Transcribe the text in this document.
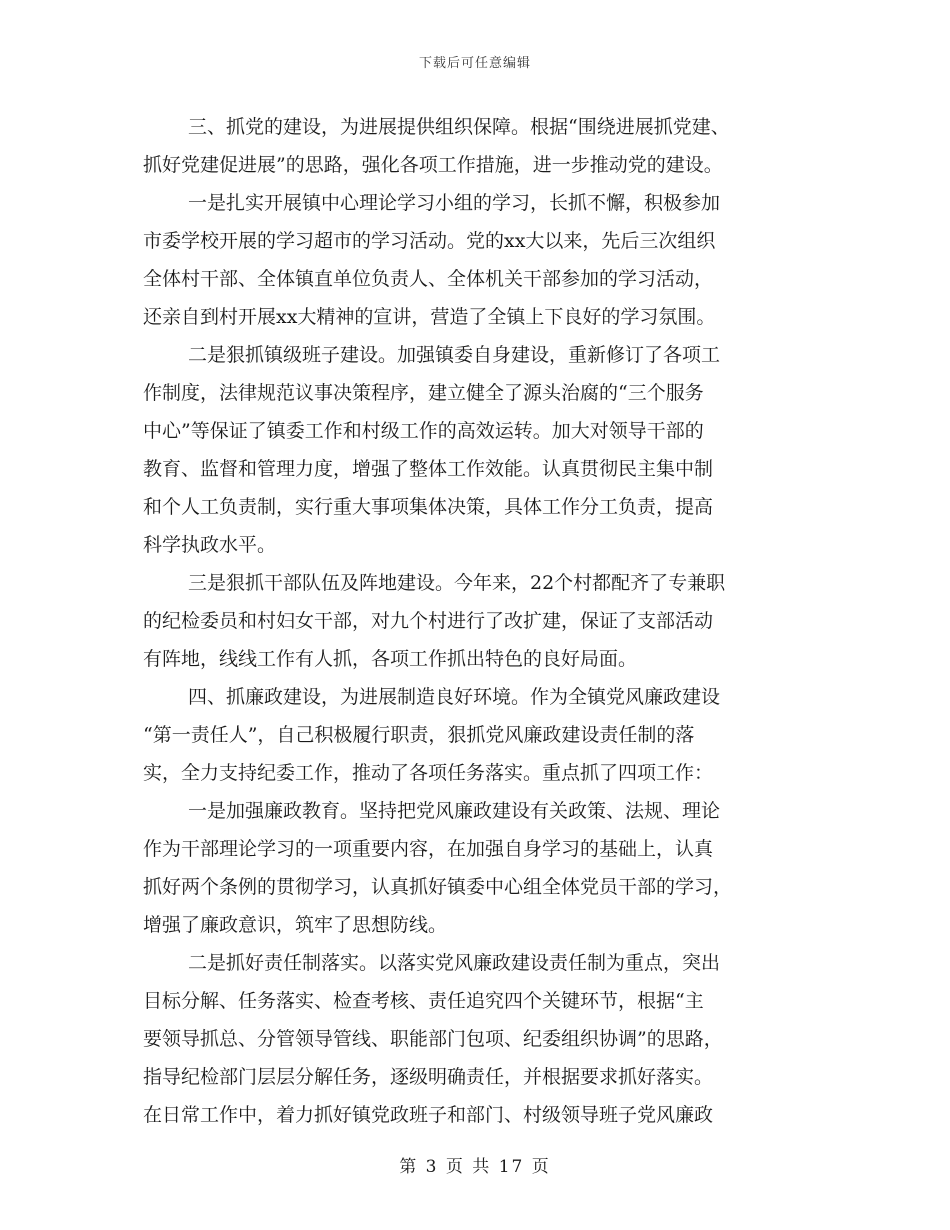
下载后可任意编辑
三、抓党的建设，为进展提供组织保障。根据“围绕进展抓党建、
抓好党建促进展”的思路，强化各项工作措施，进一步推动党的建设。
一是扎实开展镇中心理论学习小组的学习，长抓不懈，积极参加
市委学校开展的学习超市的学习活动。党的xx大以来，先后三次组织
全体村干部、全体镇直单位负责人、全体机关干部参加的学习活动，
还亲自到村开展xx大精神的宣讲，营造了全镇上下良好的学习氛围。
二是狠抓镇级班子建设。加强镇委自身建设，重新修订了各项工
作制度，法律规范议事决策程序，建立健全了源头治腐的“三个服务
中心”等保证了镇委工作和村级工作的高效运转。加大对领导干部的
教育、监督和管理力度，增强了整体工作效能。认真贯彻民主集中制
和个人工负责制，实行重大事项集体决策，具体工作分工负责，提高
科学执政水平。
三是狠抓干部队伍及阵地建设。今年来，22个村都配齐了专兼职
的纪检委员和村妇女干部，对九个村进行了改扩建，保证了支部活动
有阵地，线线工作有人抓，各项工作抓出特色的良好局面。
四、抓廉政建设，为进展制造良好环境。作为全镇党风廉政建设
“第一责任人”，自己积极履行职责，狠抓党风廉政建设责任制的落
实，全力支持纪委工作，推动了各项任务落实。重点抓了四项工作：
一是加强廉政教育。坚持把党风廉政建设有关政策、法规、理论
作为干部理论学习的一项重要内容，在加强自身学习的基础上，认真
抓好两个条例的贯彻学习，认真抓好镇委中心组全体党员干部的学习，
增强了廉政意识，筑牢了思想防线。
二是抓好责任制落实。以落实党风廉政建设责任制为重点，突出
目标分解、任务落实、检查考核、责任追究四个关键环节，根据“主
要领导抓总、分管领导管线、职能部门包项、纪委组织协调”的思路，
指导纪检部门层层分解任务，逐级明确责任，并根据要求抓好落实。
在日常工作中，着力抓好镇党政班子和部门、村级领导班子党风廉政
第 3 页 共 17 页
